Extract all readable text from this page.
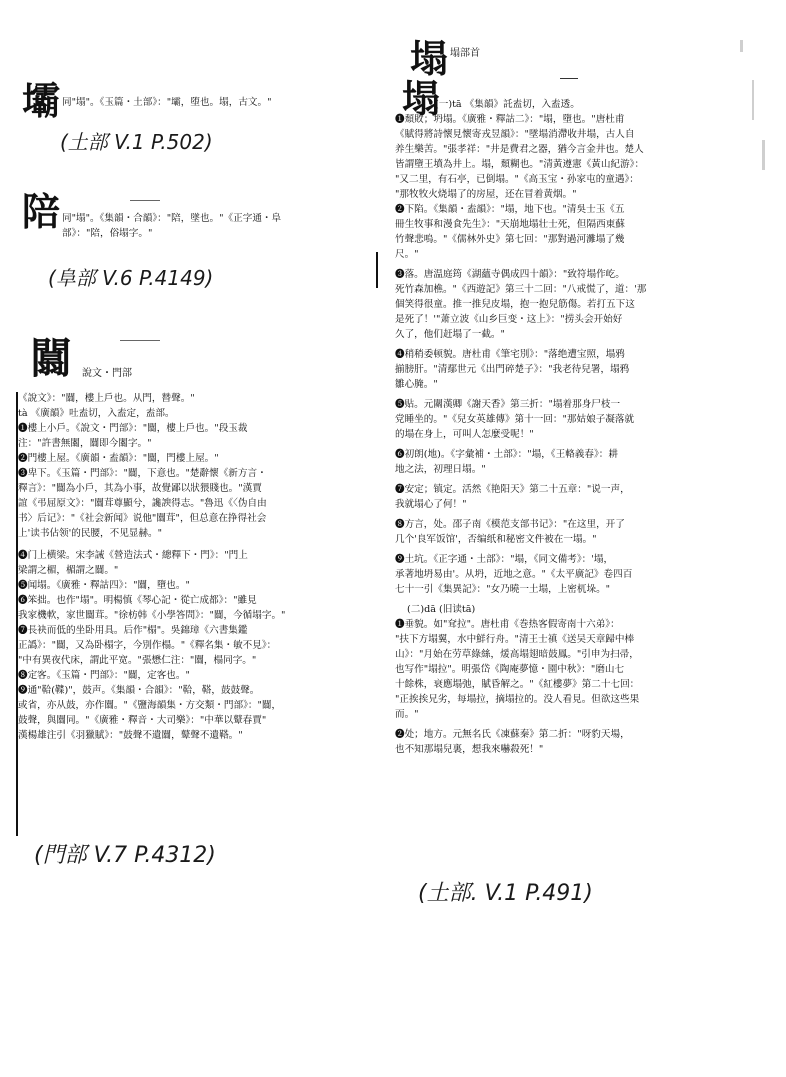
壩 同"塌"。《玉篇・土部》："壩，堕也。塌，古文。"

(土部 V.1 P.502)
陪 同"塌"。《集韻・合韻》："陪，墜也。"《正字通・阜

部》："陪，俗塌字。"

(阜部 V.6 P.4149)
闒 說文・門部

《說文》："闒，樓上戶也。从門，㬱聲。"

tà 《廣韻》吐盍切，入盍定，盍部。

❶樓上小戶。《說文・門部》："闒，樓上戶也。"段玉裁

注："許書無闟，闒即今闟字。"

❷門樓上屋。《廣韻・盍韻》："闒，門樓上屋。"

❸卑下。《玉篇・門部》："闒，下意也。"楚辭懷《新方言・

釋言》："闒為小戶，其為小事，故覺鄙以狀猥賤也。"漢賈

誼《弔屈原文》："闒茸尊顯兮，讒諛得志。"魯迅《〈伪自由

书〉后记》："《社会新闻》说他"闒茸"，但总意在挣得社会

上'读书佔领'的民腰，不见显赫。"

❹门上横梁。宋李誡《營造法式・總釋下・門》："門上

梁謂之楣，楣謂之闒。"

❺闻塌。《廣雅・釋詁四》："闒，墮也。"

❻笨拙。也作"塌"。明楊慎《琴心記・從亡成都》："雖見

我家機軟，家世闒茸。"徐枋韩《小學答問》："闒，今循塌字。"

❼長袂而低的坐卧用具。后作"榻"。吳錦璋《六書集鑑

正譌》："闒，又為卧榻字，今別作榻。"《釋名集・敏不見》：

"中有異夜代床，謂此平宽。"張懋仁注："闒，榻同字。"

❽定客。《玉篇・門部》："闒，定客也。"

❾通"鞈(鞢)"，鼓声。《集韻・合韻》："鞈，鞳，鼓鼓聲。

或省，亦从鼓，亦作闒。"《鹽海韻集・方交類・門部》："闒，

鼓聲，與闒同。"《廣雅・釋音・大司樂》："中華以鼙春賈"

漢楊雄注引《羽獵賦》："鼓聲不遺闒，鼙聲不遺鞳。"

(門部 V.7 P.4312)
塌 塌部首
塌

(一)tā 《集韻》託盍切，入盍透。

❶頹敗；坍塌。《廣雅・釋詁二》："塌，墮也。"唐杜甫

《賦得將詩懷見懷寄戎昱韻》："墜塌消滯收井塌，古人自

养生樂苦。"張孝祥："井是費君之器，猶今言金井也。楚人

皆謂墮王墳為井上。塌，頹糊也。"清黃遵憲《黃山紀游》：

"又二里，有石亭，已倒塌。"《高玉宝・孙家屯的童遇》：

"那牧牧火烧塌了的房屋，还在冒着黄烟。"

❷下陷。《集韻・盍韻》："塌，地下也。"清吳士玉《五

冊生牧事和漫食先生》："天崩地塌壮士死，但隔西東蘇

竹聲悲嗚。"《儒林外史》第七回："那對過河灘塌了幾

尺。"

❸落。唐温庭筠《湖蘊寺偶成四十韻》："致符塌作屹。

死竹森加樵。"《西遊記》第三十二回："八戒慌了，道：'那

個笑得很童。推一推兒皮塌，抱一抱兒筋傷。若打五下这

是死了！'"萧立波《山乡巨变・这上》："捞头会开始好

久了，他们赶塌了一截。"

❹稍稍委顿貌。唐杜甫《筆宅別》："落绝遭宝照，塌鸦

揃膀肝。"清鄢世元《出門碎楚子》："我老待兒署，塌鸦

雛心腌。"

❺贴。元關漢卿《謝天香》第三折："塌着那身尸枝一

党睡坐的。"《兒女英雄傳》第十一回："那姑娘子凝落就

的塌在身上，可叫人怎麼受呢！"

❻初朗(地)。《字彙補・土部》："塌，《王輅義春》：耕

地之法，初理日塌。"

❼安定；镇定。活然《艳阳天》第二十五章："说一声，

我就塌心了何！"

❽方言，处。邵子南《模范支部书记》："在这里，开了

几个'良军饭馆'，否编纸和秘密文件被在一塌。"

❾土坑。《正字通・土部》："塌，《同文備考》：'塌，

承著地坍易由'。从坍，近地之意。"《太平廣記》卷四百

七十一引《集異記》："女乃曉一土塌，上密杌垛。"

(二)dā (旧读tā)

❶垂貌。如"耷拉"。唐杜甫《巻热客假寄南十六弟》：

"扶下方塌翼，水中鮮行舟。"清王士禛《送吴天章歸中棒

山》："月始在劳草綠絲，煖高塌翅暗鼓鳳。"引申为扫帚，

也写作"塌拉"。明張岱《陶庵夢憶・園中秋》："磨山七

十餘株，衰應塌弛，賦昏解之。"《紅樓夢》第二十七回：

"正挨挨兄劣，每塌拉，摘塌拉的。没人看見。但欲这些果

而。"

❷处；地方。元無名氏《凍蘇秦》第二折："呀豹天場，

也不知那塌兒裏，想我來嚇殺死！"

(土部. V.1 P.491)
